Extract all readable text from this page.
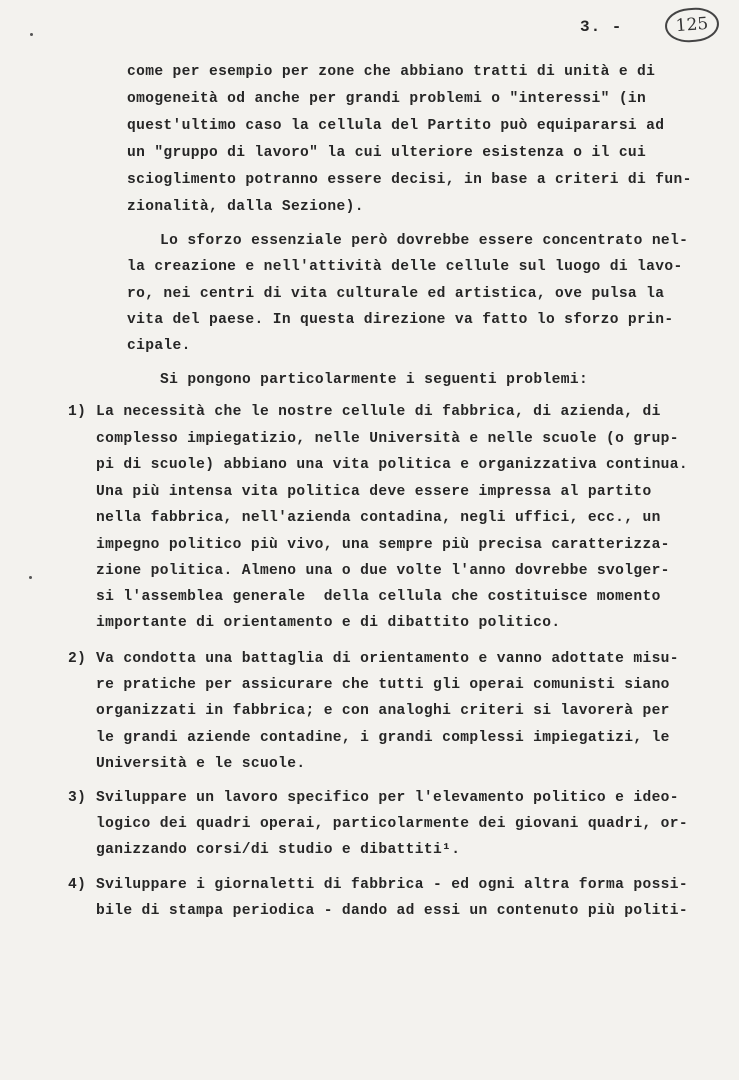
3. -	125

come per esempio per zone che abbiano tratti di unità e di

omogeneità od anche per grandi problemi o "interessi" (in

quest'ultimo caso la cellula del Partito può equipararsi ad

un "gruppo di lavoro" la cui ulteriore esistenza o il cui

scioglimento potranno essere decisi, in base a criteri di fun-

zionalità, dalla Sezione).

Lo sforzo essenziale però dovrebbe essere concentrato nel-

la creazione e nell'attività delle cellule sul luogo di lavo-

ro, nei centri di vita culturale ed artistica, ove pulsa la

vita del paese. In questa direzione va fatto lo sforzo prin-

cipale.

Si pongono particolarmente i seguenti problemi:

1) La necessità che le nostre cellule di fabbrica, di azienda, di

complesso impiegatizio, nelle Università e nelle scuole (o grup-

pi di scuole) abbiano una vita politica e organizzativa continua.

Una più intensa vita politica deve essere impressa al partito

nella fabbrica, nell'azienda contadina, negli uffici, ecc., un

impegno politico più vivo, una sempre più precisa caratterizza-

zione politica. Almeno una o due volte l'anno dovrebbe svolger-

si l'assemblea generale  della cellula che costituisce momento

importante di orientamento e di dibattito politico.

2) Va condotta una battaglia di orientamento e vanno adottate misu-

re pratiche per assicurare che tutti gli operai comunisti siano

organizzati in fabbrica; e con analoghi criteri si lavorerà per

le grandi aziende contadine, i grandi complessi impiegatizi, le

Università e le scuole.

3) Sviluppare un lavoro specifico per l'elevamento politico e ideo-

logico dei quadri operai, particolarmente dei giovani quadri, or-

ganizzando corsi/di studio e dibattiti¹.

4) Sviluppare i giornaletti di fabbrica - ed ogni altra forma possi-

bile di stampa periodica - dando ad essi un contenuto più politi-
